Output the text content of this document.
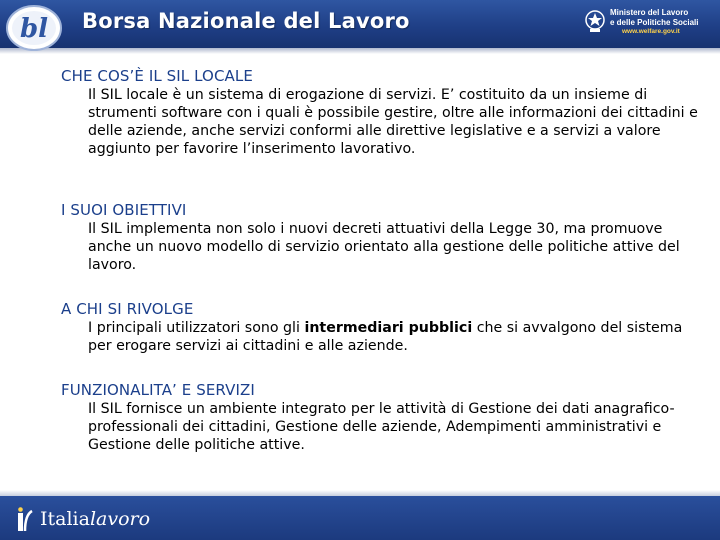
bl Borsa Nazionale del Lavoro	Ministero del Lavoro
e delle Politiche Sociali
www.welfare.gov.it

CHE COS’È IL SIL LOCALE

Il SIL locale è un sistema di erogazione di servizi. E’ costituito da un insieme di strumenti software con i quali è possibile gestire, oltre alle informazioni dei cittadini e delle aziende, anche servizi conformi alle direttive legislative e a servizi a valore aggiunto per favorire l’inserimento lavorativo.

I SUOI OBIETTIVI

Il SIL implementa non solo i nuovi decreti attuativi della Legge 30, ma promuove anche un nuovo modello di servizio orientato alla gestione delle politiche attive del lavoro.

A CHI SI RIVOLGE

I principali utilizzatori sono gli intermediari pubblici che si avvalgono del sistema per erogare servizi ai cittadini e alle aziende.

FUNZIONALITA’ E SERVIZI

Il SIL fornisce un ambiente integrato per le attività di Gestione dei dati anagrafico-professionali dei cittadini, Gestione delle aziende, Adempimenti amministrativi e Gestione delle politiche attive.

Italialavoro
